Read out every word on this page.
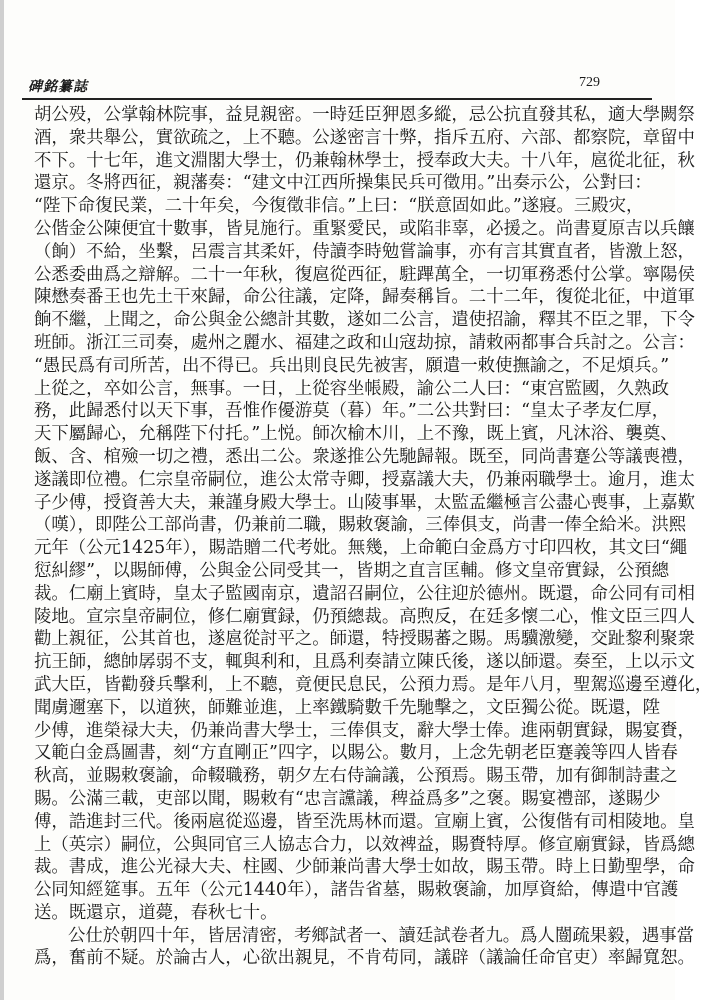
碑銘纂誌	729
胡公殁，公掌翰林院事，益見親密。一時廷臣狎恩多縱，忌公抗直發其私，適大學闕祭
酒，衆共舉公，實欲疏之，上不聽。公遂密言十弊，指斥五府、六部、都察院，章留中
不下。十七年，進文淵閣大學士，仍兼翰林學士，授奉政大夫。十八年，扈從北征，秋
還京。冬將西征，親藩奏：“建文中江西所操集民兵可徵用。”出奏示公，公對曰：
“陛下命復民業，二十年矣，今復徵非信。”上曰：“朕意固如此。”遂寢。三殿灾，
公偕金公陳便宜十數事，皆見施行。重緊愛民，或陷非辜，必援之。尚書夏原吉以兵饟
（餉）不給，坐繫，呂震言其柔奸，侍讀李時勉嘗論事，亦有言其實直者，皆激上怒，
公悉委曲爲之辯解。二十一年秋，復扈從西征，駐蹕萬全，一切軍務悉付公掌。寧陽侯
陳懋奏番王也先土干來歸，命公往議，定降，歸奏稱旨。二十二年，復從北征，中道軍
餉不繼，上聞之，命公與金公總計其數，遂如二公言，遣使招諭，釋其不臣之罪，下令
班師。浙江三司奏，處州之麗水、福建之政和山寇劫掠，請敕兩都事合兵討之。公言：
“愚民爲有司所苦，出不得已。兵出則良民先被害，願遣一敕使撫諭之，不足煩兵。”
上從之，卒如公言，無事。一日，上從容坐帳殿，諭公二人曰：“東宫監國，久熟政
務，此歸悉付以天下事，吾惟作優游莫（暮）年。”二公共對曰：“皇太子孝友仁厚，
天下屬歸心，允稱陛下付托。”上悦。師次榆木川，上不豫，既上賓，凡沐浴、襲奠、
飯、含、棺殮一切之禮，悉出二公。衆遂推公先馳歸報。既至，同尚書蹇公等議喪禮，
遂議即位禮。仁宗皇帝嗣位，進公太常寺卿，授嘉議大夫，仍兼兩職學士。逾月，進太
子少傅，授資善大夫，兼謹身殿大學士。山陵事畢，太監孟繼極言公盡心喪事，上嘉歎
（嘆），即陛公工部尚書，仍兼前二職，賜敕褒諭，三俸俱支，尚書一俸全給米。洪熙
元年（公元1425年），賜誥贈二代考妣。無幾，上命範白金爲方寸印四枚，其文曰“繩
愆糾繆”，以賜師傅，公與金公同受其一，皆期之直言匡輔。修文皇帝實録，公預總
裁。仁廟上賓時，皇太子監國南京，遺詔召嗣位，公往迎於德州。既還，命公同有司相
陵地。宣宗皇帝嗣位，修仁廟實録，仍預總裁。高煦反，在廷多懷二心，惟文臣三四人
勸上親征，公其首也，遂扈從討平之。師還，特授賜蕃之賜。馬驥激變，交趾黎利聚衆
抗王師，總帥孱弱不支，輒與利和，且爲利奏請立陳氏後，遂以師還。奏至，上以示文
武大臣，皆勸發兵擊利，上不聽，竟便民息民，公預力焉。是年八月，聖駕巡邊至遵化，
聞虜邇塞下，以道狹，師難並進，上率鐵騎數千先馳擊之，文臣獨公從。既還，陞
少傅，進榮禄大夫，仍兼尚書大學士，三俸俱支，辭大學士俸。進兩朝實録，賜宴賚，
又範白金爲圖書，刻“方直剛正”四字，以賜公。數月，上念先朝老臣蹇義等四人皆春
秋高，並賜敕褒諭，命輟職務，朝夕左右侍論議，公預焉。賜玉帶，加有御制詩畫之
賜。公滿三載，吏部以聞，賜敕有“忠言讜議，稗益爲多”之褒。賜宴禮部，遂賜少
傅，誥進封三代。後兩扈從巡邊，皆至洗馬林而還。宣廟上賓，公復偕有司相陵地。皇
上（英宗）嗣位，公與同官三人協志合力，以效裨益，賜賚特厚。修宣廟實録，皆爲總
裁。書成，進公光禄大夫、柱國、少師兼尚書大學士如故，賜玉帶。時上日勤聖學，命
公同知經筵事。五年（公元1440年），諸告省墓，賜敕褒諭，加厚資給，傳遣中官護
送。既還京，道薨，春秋七十。
公仕於朝四十年，皆居清密，考鄉試者一、讀廷試卷者九。爲人闓疏果毅，遇事當
爲，奮前不疑。於論古人，心欲出親見，不肯苟同，議辟（議論任命官吏）率歸寬恕。
